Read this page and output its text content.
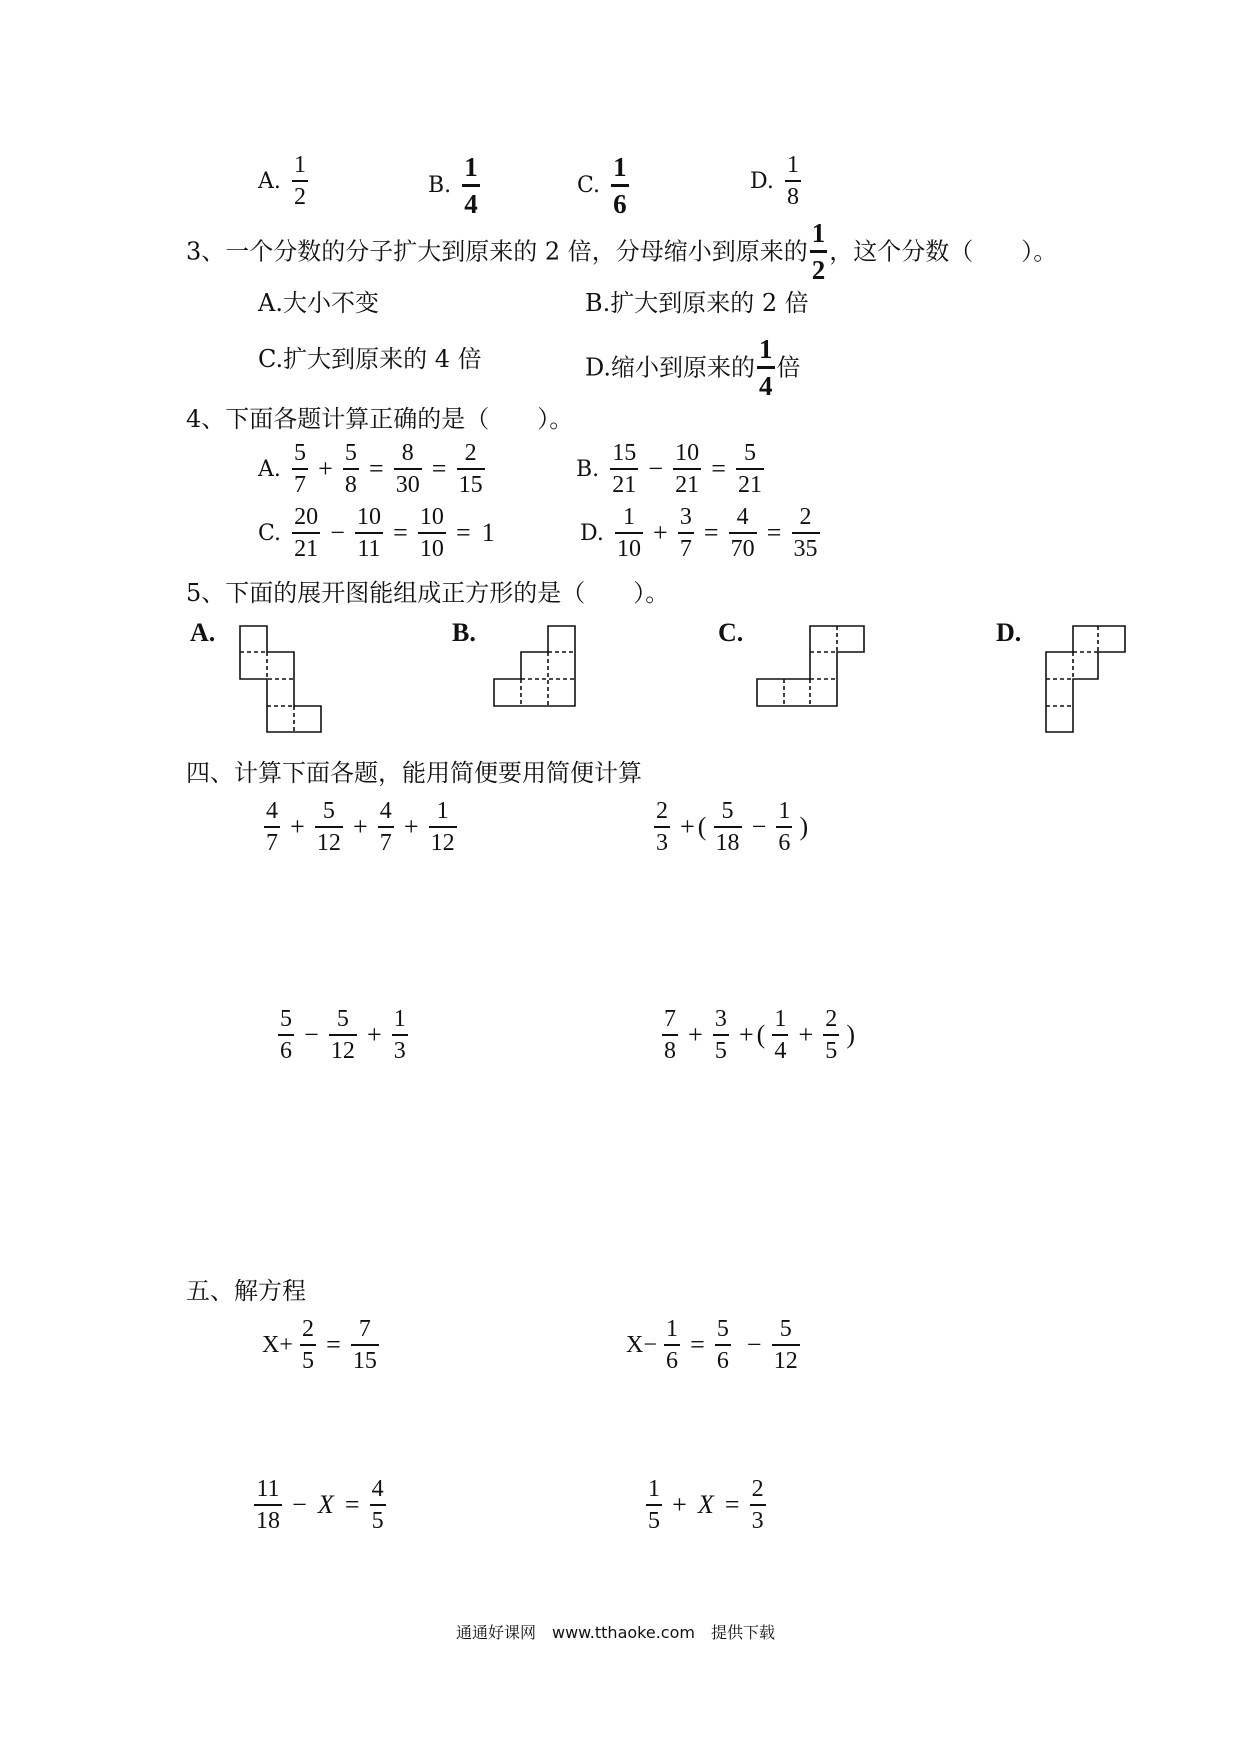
A. $\frac{1}{2}$	B. $\frac{1}{4}$	C. $\frac{1}{6}$	D. $\frac{1}{8}$
3、一个分数的分子扩大到原来的 2 倍，分母缩小到原来的 $\frac{1}{2}$ ，这个分数（　　）。
A.大小不变	B.扩大到原来的 2 倍
C.扩大到原来的 4 倍	D.缩小到原来的 $\frac{1}{4}$ 倍
4、下面各题计算正确的是（　　）。
A. $\frac{5}{7} + \frac{5}{8} = \frac{8}{30} = \frac{2}{15}$	B. $\frac{15}{21} - \frac{10}{21} = \frac{5}{21}$
C. $\frac{20}{21} - \frac{10}{11} = \frac{10}{10} = 1$	D. $\frac{1}{10} + \frac{3}{7} = \frac{4}{70} = \frac{2}{35}$
5、下面的展开图能组成正方形的是（　　）。
A.	B.	C.	D.
四、计算下面各题，能用简便要用简便计算
$\frac{4}{7} + \frac{5}{12} + \frac{4}{7} + \frac{1}{12}$	$\frac{2}{3}$ + ( $\frac{5}{18} - \frac{1}{6}$ )
$\frac{5}{6} - \frac{5}{12} + \frac{1}{3}$	$\frac{7}{8} + \frac{3}{5}$ + ( $\frac{1}{4} + \frac{2}{5}$ )
五、解方程
$X+ \frac{2}{5} = \frac{7}{15}$	$X- \frac{1}{6} = \frac{5}{6} - \frac{5}{12}$
$\frac{11}{18} - X = \frac{4}{5}$	$\frac{1}{5} + X = \frac{2}{3}$
通通好课网　www.tthaoke.com　提供下载
